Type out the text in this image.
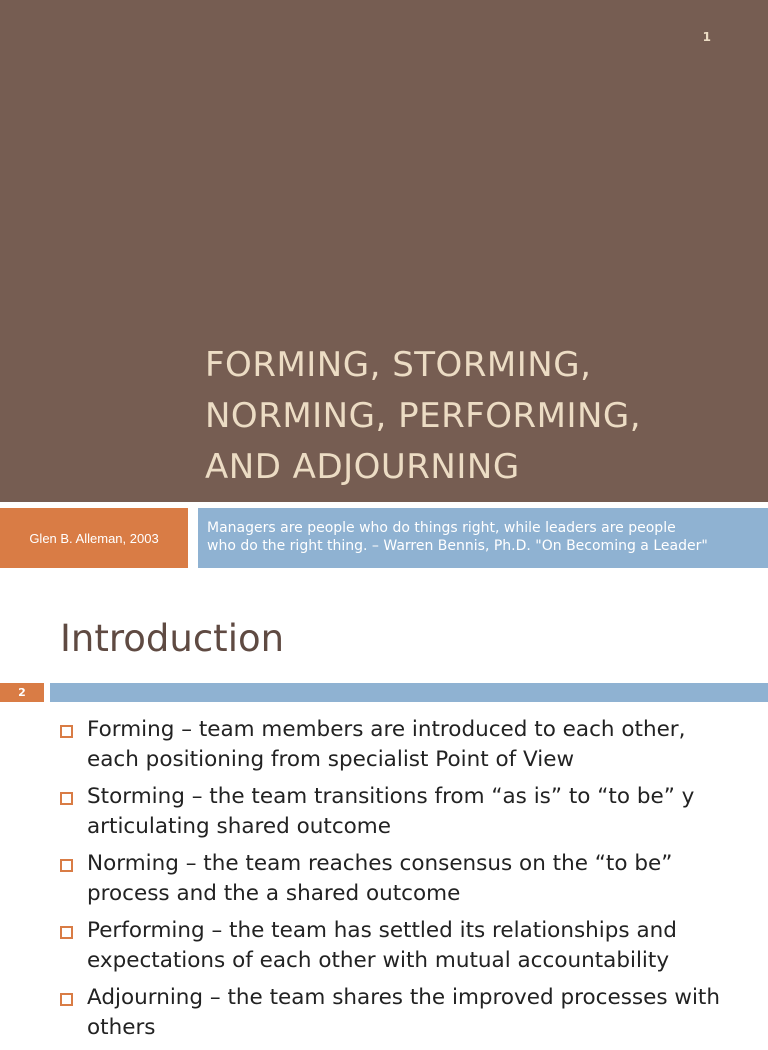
1
FORMING, STORMING,
NORMING, PERFORMING,
AND ADJOURNING
Glen B. Alleman, 2003
Managers are people who do things right, while leaders are people
who do the right thing. – Warren Bennis, Ph.D. "On Becoming a Leader"
Introduction
2
Forming – team members are introduced to each other,
each positioning from specialist Point of View
Storming – the team transitions from “as is” to “to be” y
articulating shared outcome
Norming – the team reaches consensus on the “to be”
process and the a shared outcome
Performing – the team has settled its relationships and
expectations of each other with mutual accountability
Adjourning – the team shares the improved processes with
others
